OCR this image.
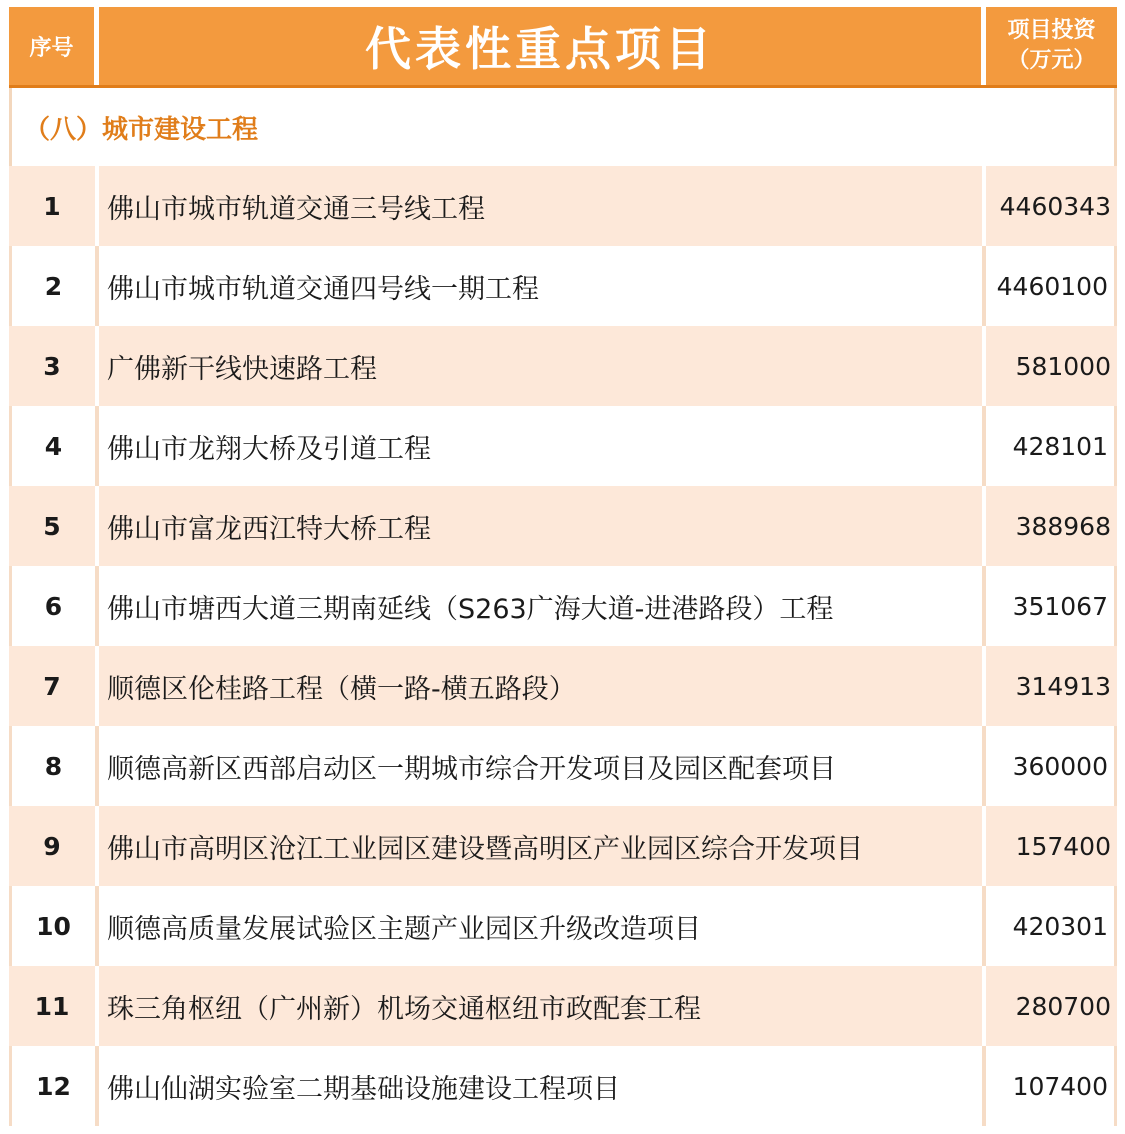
序号	代表性重点项目	项目投资
（万元）
（八）城市建设工程
1	佛山市城市轨道交通三号线工程	4460343
2	佛山市城市轨道交通四号线一期工程	4460100
3	广佛新干线快速路工程	581000
4	佛山市龙翔大桥及引道工程	428101
5	佛山市富龙西江特大桥工程	388968
6	佛山市塘西大道三期南延线（S263广海大道-进港路段）工程	351067
7	顺德区伦桂路工程（横一路-横五路段）	314913
8	顺德高新区西部启动区一期城市综合开发项目及园区配套项目	360000
9	佛山市高明区沧江工业园区建设暨高明区产业园区综合开发项目	157400
10	顺德高质量发展试验区主题产业园区升级改造项目	420301
11	珠三角枢纽（广州新）机场交通枢纽市政配套工程	280700
12	佛山仙湖实验室二期基础设施建设工程项目	107400
